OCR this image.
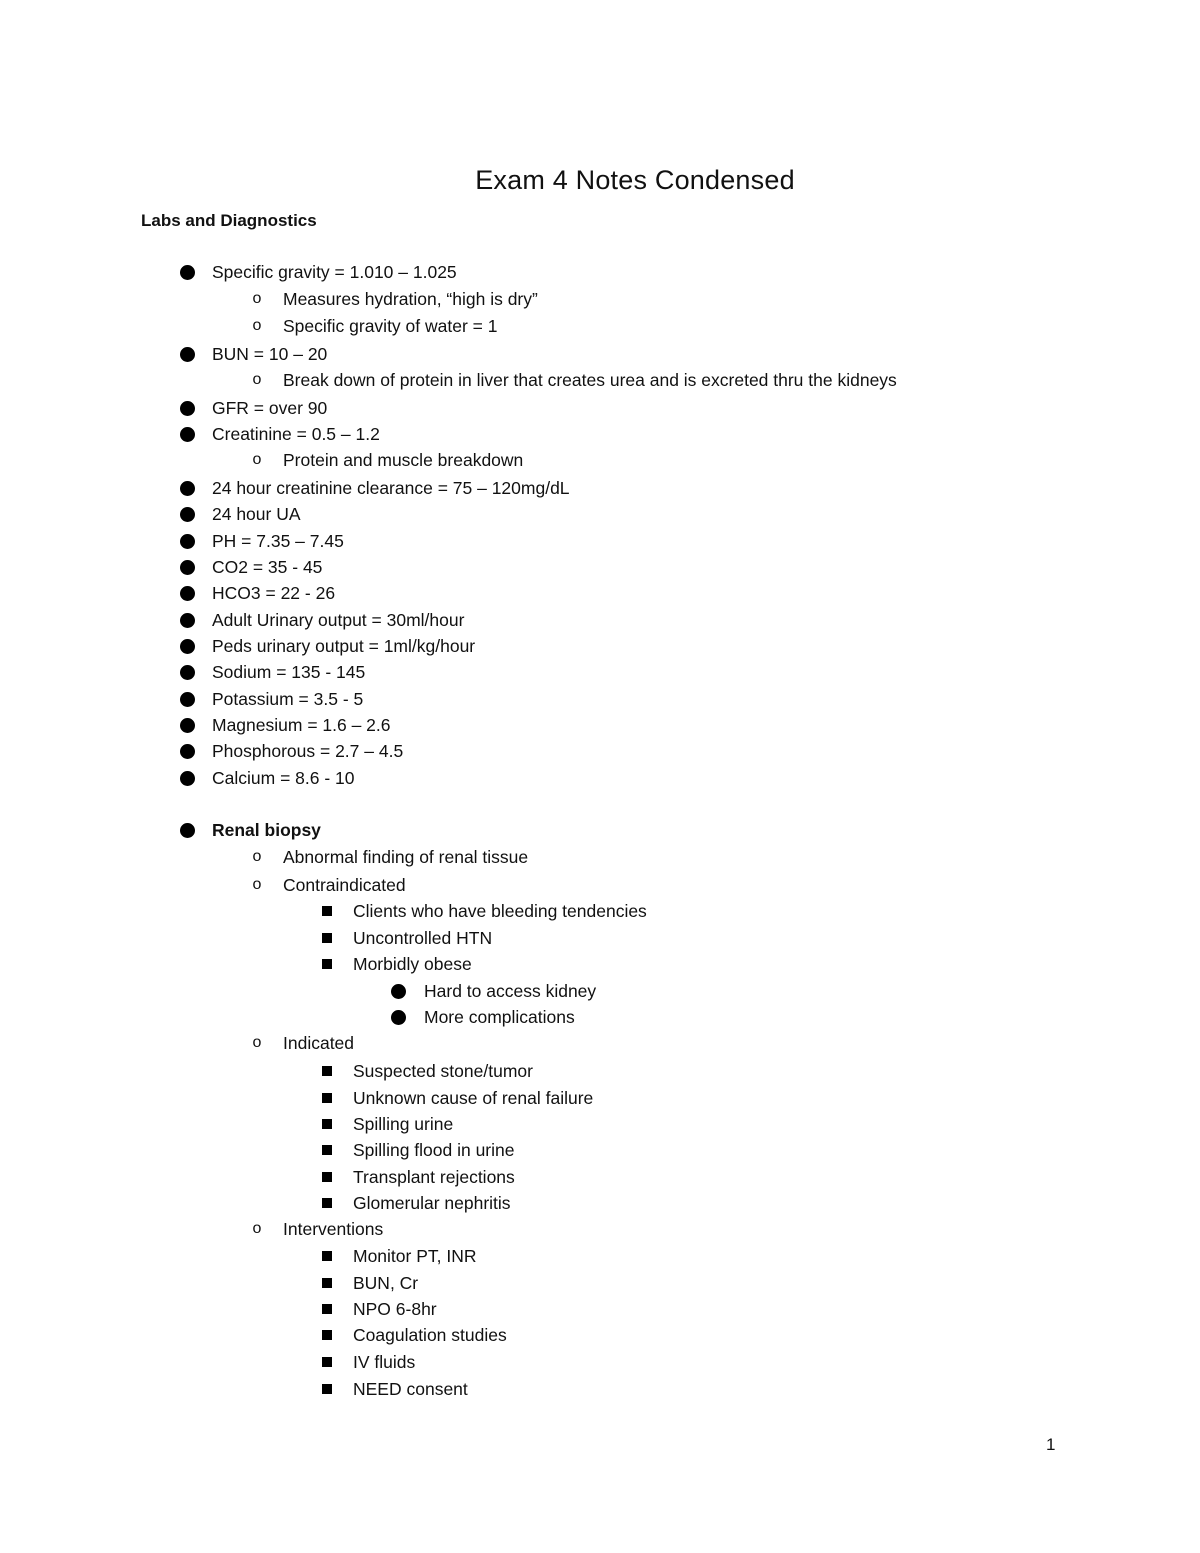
Exam 4 Notes Condensed
Labs and Diagnostics
Specific gravity = 1.010 – 1.025
o Measures hydration, “high is dry”
o Specific gravity of water = 1
BUN = 10 – 20
o Break down of protein in liver that creates urea and is excreted thru the kidneys
GFR = over 90
Creatinine = 0.5 – 1.2
o Protein and muscle breakdown
24 hour creatinine clearance = 75 – 120mg/dL
24 hour UA
PH = 7.35 – 7.45
CO2 = 35 - 45
HCO3 = 22 - 26
Adult Urinary output = 30ml/hour
Peds urinary output = 1ml/kg/hour
Sodium = 135 - 145
Potassium = 3.5 - 5
Magnesium = 1.6 – 2.6
Phosphorous = 2.7 – 4.5
Calcium = 8.6 - 10
Renal biopsy
o Abnormal finding of renal tissue
o Contraindicated
Clients who have bleeding tendencies
Uncontrolled HTN
Morbidly obese
Hard to access kidney
More complications
o Indicated
Suspected stone/tumor
Unknown cause of renal failure
Spilling urine
Spilling flood in urine
Transplant rejections
Glomerular nephritis
o Interventions
Monitor PT, INR
BUN, Cr
NPO 6-8hr
Coagulation studies
IV fluids
NEED consent
1
